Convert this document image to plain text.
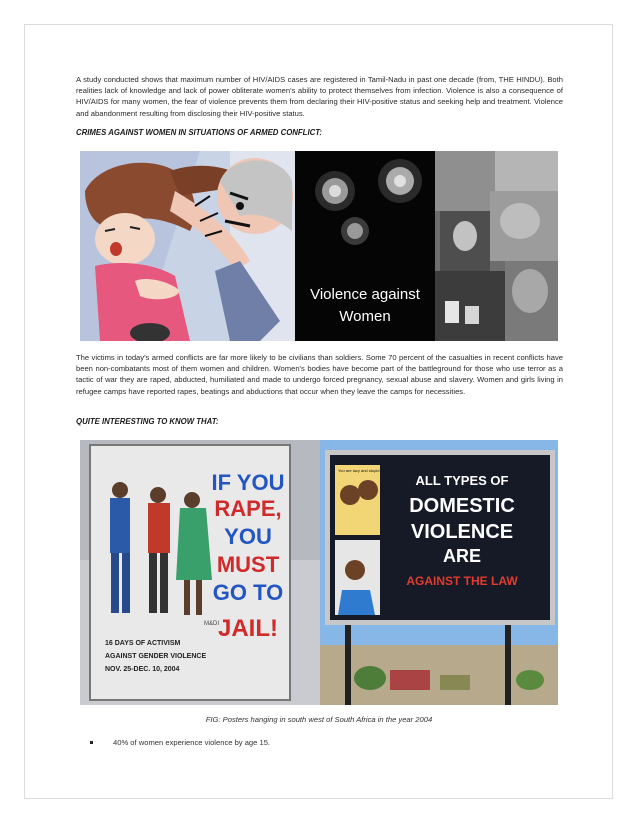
A study conducted shows that maximum number of HIV/AIDS cases are registered in Tamil-Nadu in past one decade (from, THE HINDU). Both realities lack of knowledge and lack of power obliterate women's ability to protect themselves from infection. Violence is also a consequence of HIV/AIDS for many women, the fear of violence prevents them from declaring their HIV-positive status and seeking help and treatment. Violence and abandonment resulting from disclosing their HIV-positive status.

CRIMES AGAINST WOMEN IN SITUATIONS OF ARMED CONFLICT:

Violence against
Women

The victims in today's armed conflicts are far more likely to be civilians than soldiers. Some 70 percent of the casualties in recent conflicts have been non-combatants most of them women and children. Women's bodies have become part of the battleground for those who use terror as a tactic of war they are raped, abducted, humiliated and made to undergo forced pregnancy, sexual abuse and slavery. Women and girls living in refugee camps have reported rapes, beatings and abductions that occur when they leave the camps for necessities.

QUITE INTERESTING TO KNOW THAT:

IF YOU
RAPE,
YOU
MUST
GO TO
JAIL!
16 DAYS OF ACTIVISM
AGAINST GENDER VIOLENCE
NOV. 25-DEC. 10, 2004
M&DI
You are lazy and stupid
ALL TYPES OF
DOMESTIC
VIOLENCE
ARE
AGAINST THE LAW
FIG: Posters hanging in south west of South Africa in the year 2004
40% of women experience violence by age 15.
